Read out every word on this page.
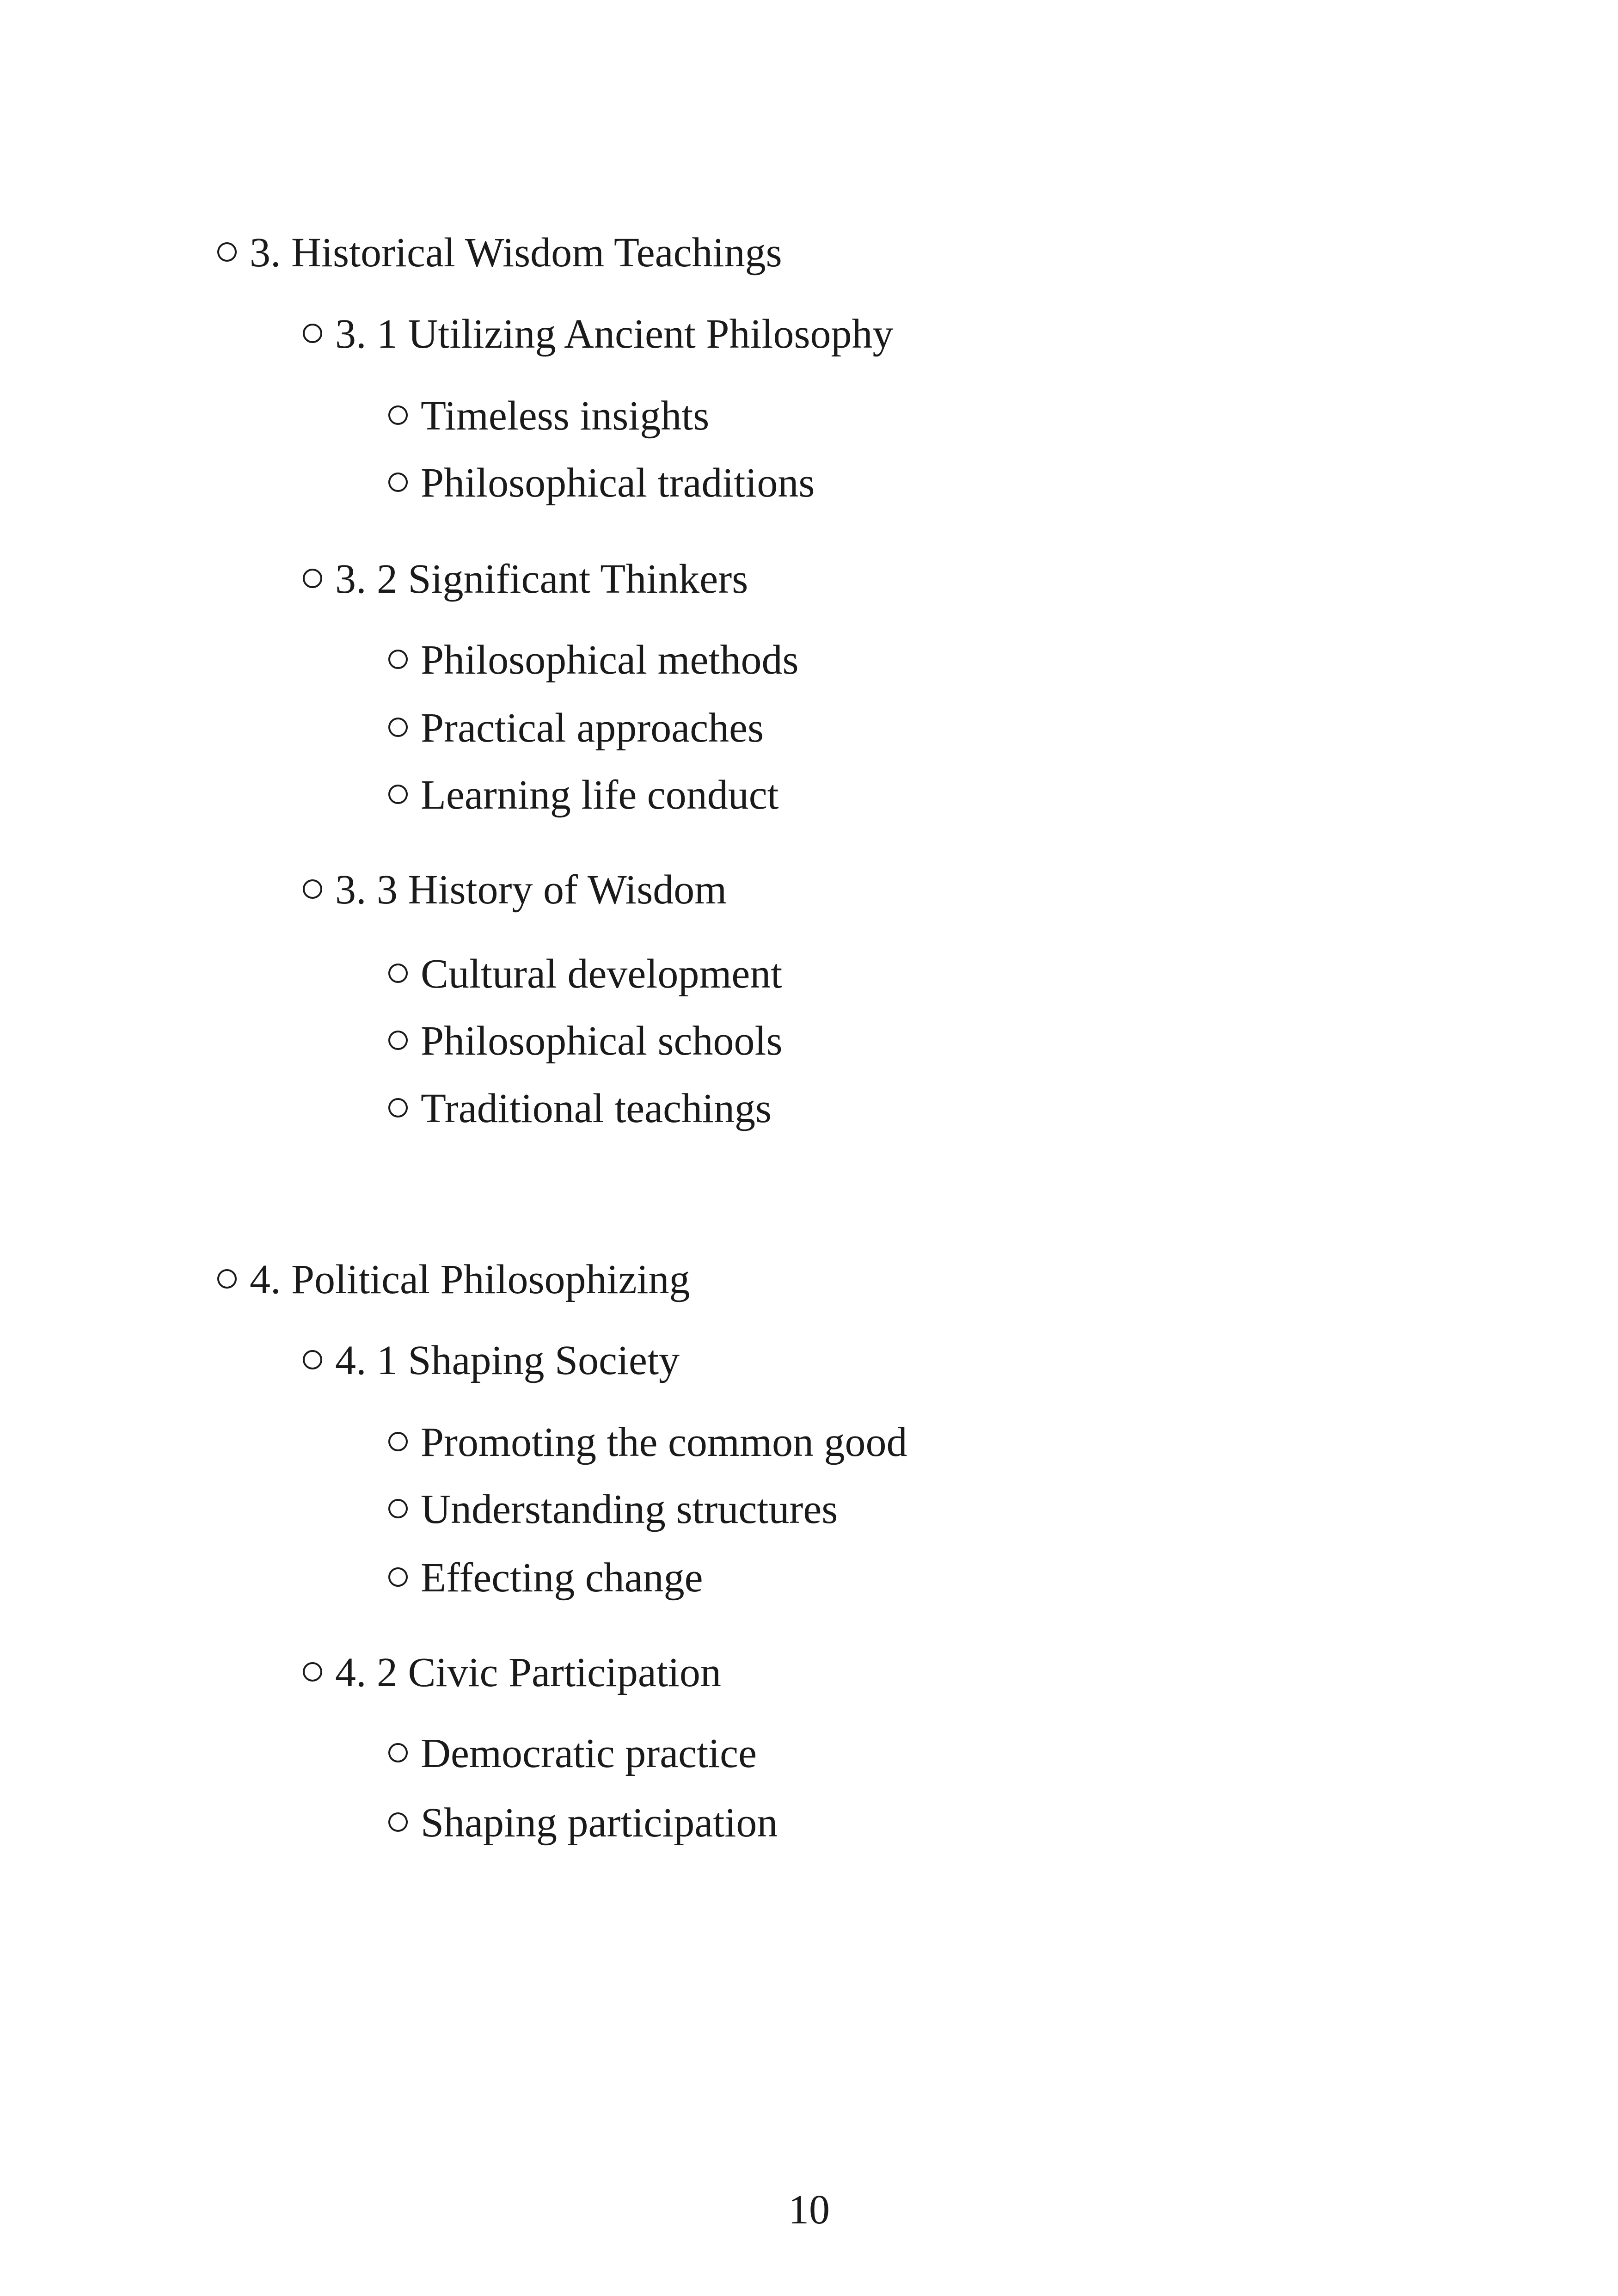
3. Historical Wisdom Teachings
3. 1 Utilizing Ancient Philosophy
Timeless insights
Philosophical traditions
3. 2 Significant Thinkers
Philosophical methods
Practical approaches
Learning life conduct
3. 3 History of Wisdom
Cultural development
Philosophical schools
Traditional teachings
4. Political Philosophizing
4. 1 Shaping Society
Promoting the common good
Understanding structures
Effecting change
4. 2 Civic Participation
Democratic practice
Shaping participation
10
